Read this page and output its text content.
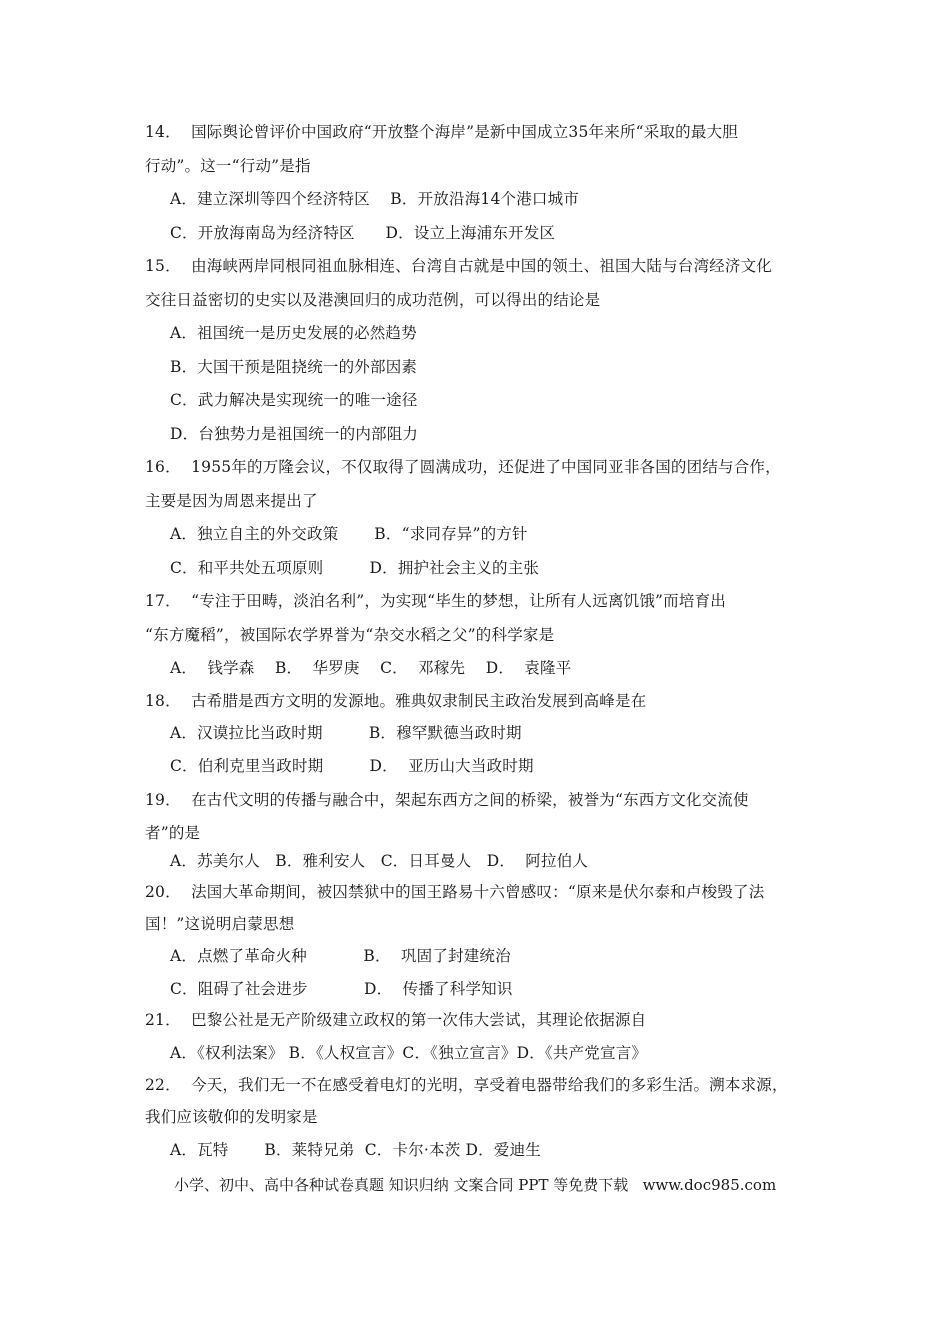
14．  国际舆论曾评价中国政府“开放整个海岸”是新中国成立35年来所“采取的最大胆
行动”。这一“行动”是指
A．建立深圳等四个经济特区    B．开放沿海14个港口城市
C．开放海南岛为经济特区      D．设立上海浦东开发区
15．  由海峡两岸同根同祖血脉相连、台湾自古就是中国的领土、祖国大陆与台湾经济文化
交往日益密切的史实以及港澳回归的成功范例，可以得出的结论是
A．祖国统一是历史发展的必然趋势
B．大国干预是阻挠统一的外部因素
C．武力解决是实现统一的唯一途径
D．台独势力是祖国统一的内部阻力
16．  1955年的万隆会议，不仅取得了圆满成功，还促进了中国同亚非各国的团结与合作，
主要是因为周恩来提出了
A．独立自主的外交政策       B．“求同存异”的方针
C．和平共处五项原则         D．拥护社会主义的主张
17．  “专注于田畴，淡泊名利”，为实现“毕生的梦想，让所有人远离饥饿”而培育出
“东方魔稻”，被国际农学界誉为“杂交水稻之父”的科学家是
A．  钱学森    B．  华罗庚    C．  邓稼先    D．  袁隆平
18．  古希腊是西方文明的发源地。雅典奴隶制民主政治发展到高峰是在
A．汉谟拉比当政时期         B．穆罕默德当政时期
C．伯利克里当政时期         D．  亚历山大当政时期
19．  在古代文明的传播与融合中，架起东西方之间的桥梁，被誉为“东西方文化交流使
者”的是
A．苏美尔人   B．雅利安人   C．日耳曼人   D．  阿拉伯人
20．  法国大革命期间，被囚禁狱中的国王路易十六曾感叹：“原来是伏尔泰和卢梭毁了法
国！”这说明启蒙思想
A．点燃了革命火种           B．  巩固了封建统治
C．阻碍了社会进步           D．  传播了科学知识
21．  巴黎公社是无产阶级建立政权的第一次伟大尝试，其理论依据源自
A．《权利法案》 B．《人权宣言》C．《独立宣言》D．《共产党宣言》
22．  今天，我们无一不在感受着电灯的光明，享受着电器带给我们的多彩生活。溯本求源，
我们应该敬仰的发明家是
A．瓦特       B．莱特兄弟  C．卡尔·本茨 D．爱迪生
小学、初中、高中各种试卷真题 知识归纳 文案合同 PPT 等免费下载   www.doc985.com
